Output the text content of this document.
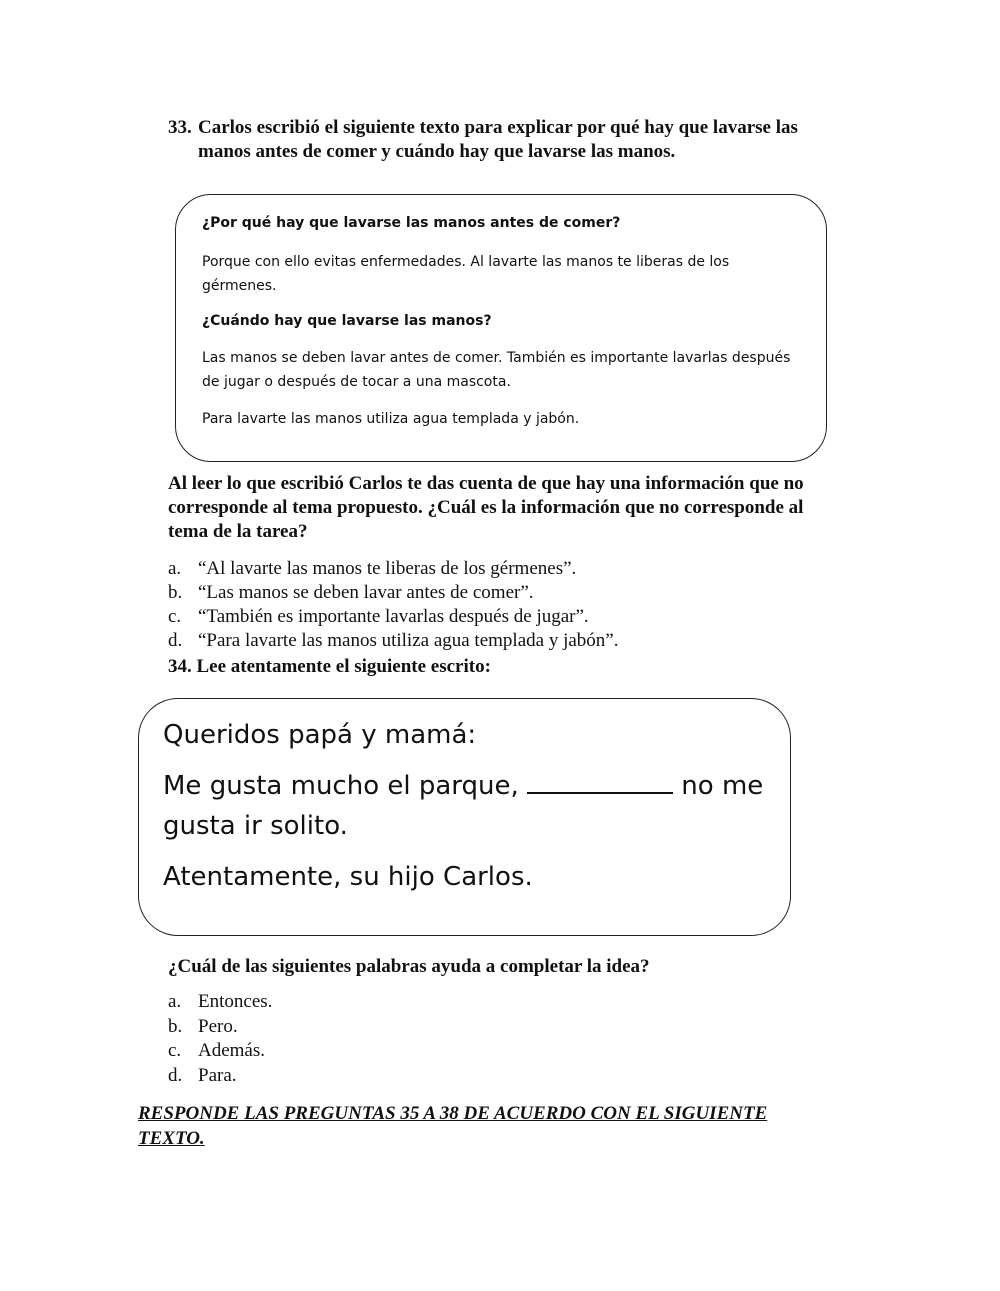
33. Carlos escribió el siguiente texto para explicar por qué hay que lavarse las manos antes de comer y cuándo hay que lavarse las manos.
¿Por qué hay que lavarse las manos antes de comer?
Porque con ello evitas enfermedades. Al lavarte las manos te liberas de los gérmenes.
¿Cuándo hay que lavarse las manos?
Las manos se deben lavar antes de comer. También es importante lavarlas después de jugar o después de tocar a una mascota.
Para lavarte las manos utiliza agua templada y jabón.
Al leer lo que escribió Carlos te das cuenta de que hay una información que no corresponde al tema propuesto. ¿Cuál es la información que no corresponde al tema de la tarea?
a. “Al lavarte las manos te liberas de los gérmenes”.
b. “Las manos se deben lavar antes de comer”.
c. “También es importante lavarlas después de jugar”.
d. “Para lavarte las manos utiliza agua templada y jabón”.
34. Lee atentamente el siguiente escrito:
Queridos papá y mamá:
Me gusta mucho el parque,	no me
gusta ir solito.
Atentamente, su hijo Carlos.
¿Cuál de las siguientes palabras ayuda a completar la idea?
a. Entonces.
b. Pero.
c. Además.
d. Para.
RESPONDE LAS PREGUNTAS 35 A 38 DE ACUERDO CON EL SIGUIENTE TEXTO.
